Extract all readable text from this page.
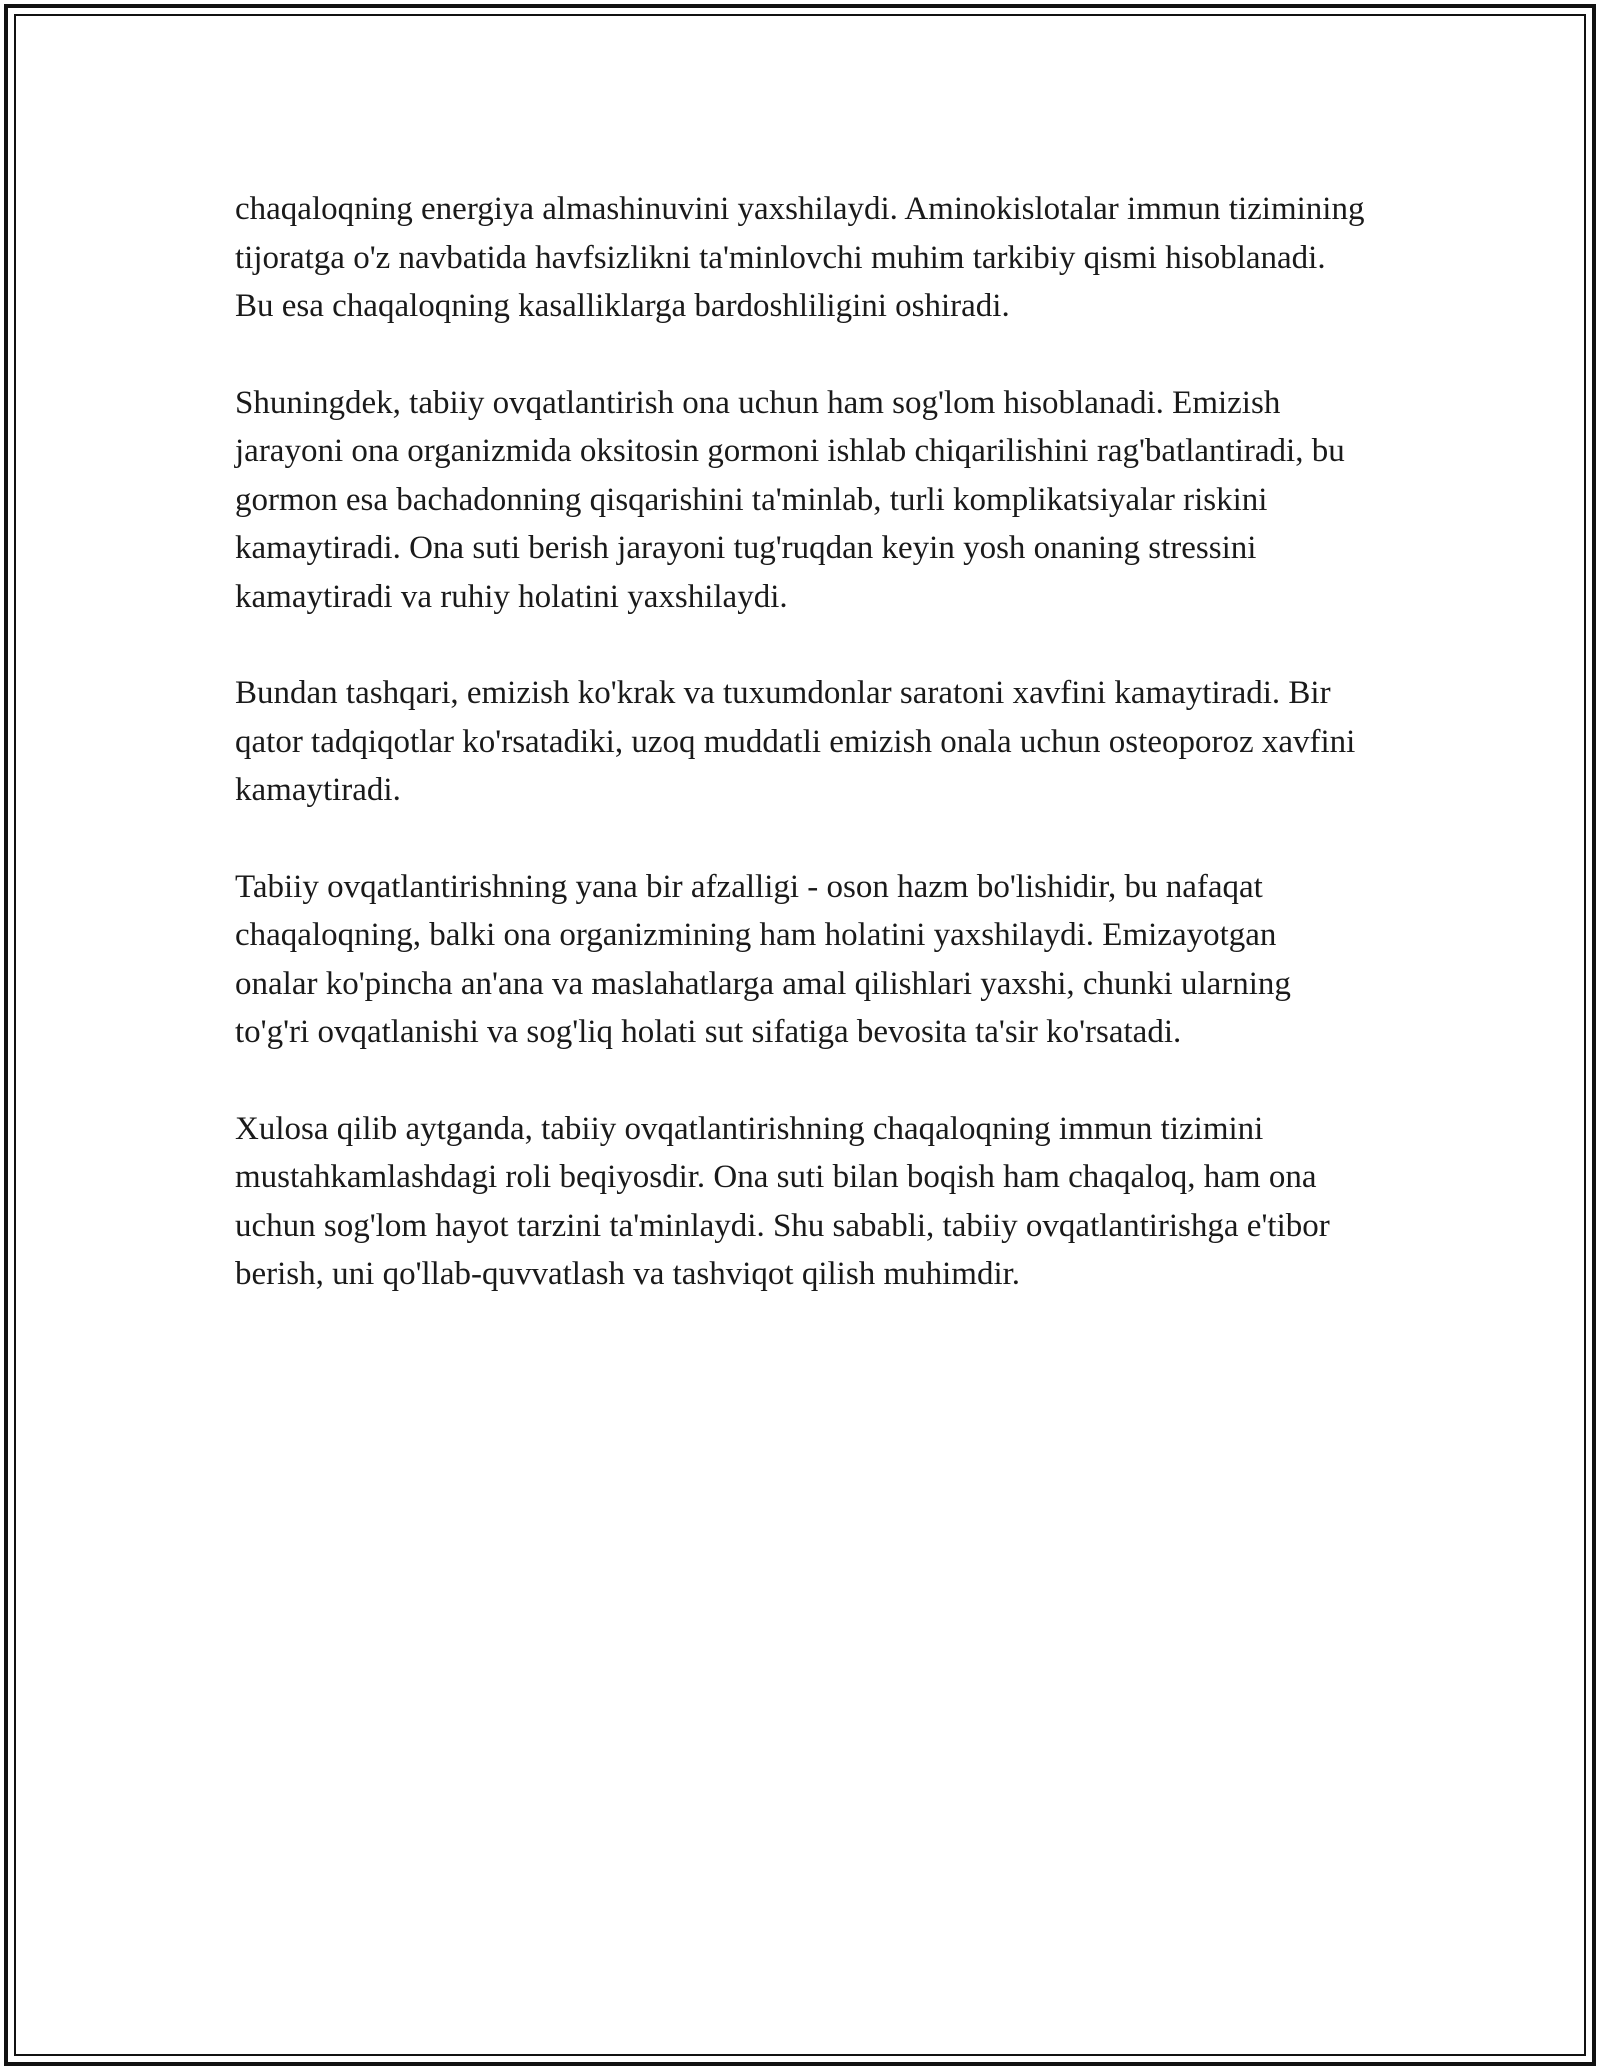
chaqaloqning energiya almashinuvini yaxshilaydi. Aminokislotalar immun tizimining tijoratga o'z navbatida havfsizlikni ta'minlovchi muhim tarkibiy qismi hisoblanadi. Bu esa chaqaloqning kasalliklarga bardoshliligini oshiradi.

Shuningdek, tabiiy ovqatlantirish ona uchun ham sog'lom hisoblanadi. Emizish jarayoni ona organizmida oksitosin gormoni ishlab chiqarilishini rag'batlantiradi, bu gormon esa bachadonning qisqarishini ta'minlab, turli komplikatsiyalar riskini kamaytiradi. Ona suti berish jarayoni tug'ruqdan keyin yosh onaning stressini kamaytiradi va ruhiy holatini yaxshilaydi.

Bundan tashqari, emizish ko'krak va tuxumdonlar saratoni xavfini kamaytiradi. Bir qator tadqiqotlar ko'rsatadiki, uzoq muddatli emizish onala uchun osteoporoz xavfini kamaytiradi.

Tabiiy ovqatlantirishning yana bir afzalligi - oson hazm bo'lishidir, bu nafaqat chaqaloqning, balki ona organizmining ham holatini yaxshilaydi. Emizayotgan onalar ko'pincha an'ana va maslahatlarga amal qilishlari yaxshi, chunki ularning to'g'ri ovqatlanishi va sog'liq holati sut sifatiga bevosita ta'sir ko'rsatadi.

Xulosa qilib aytganda, tabiiy ovqatlantirishning chaqaloqning immun tizimini mustahkamlashdagi roli beqiyosdir. Ona suti bilan boqish ham chaqaloq, ham ona uchun sog'lom hayot tarzini ta'minlaydi. Shu sababli, tabiiy ovqatlantirishga e'tibor berish, uni qo'llab-quvvatlash va tashviqot qilish muhimdir.
